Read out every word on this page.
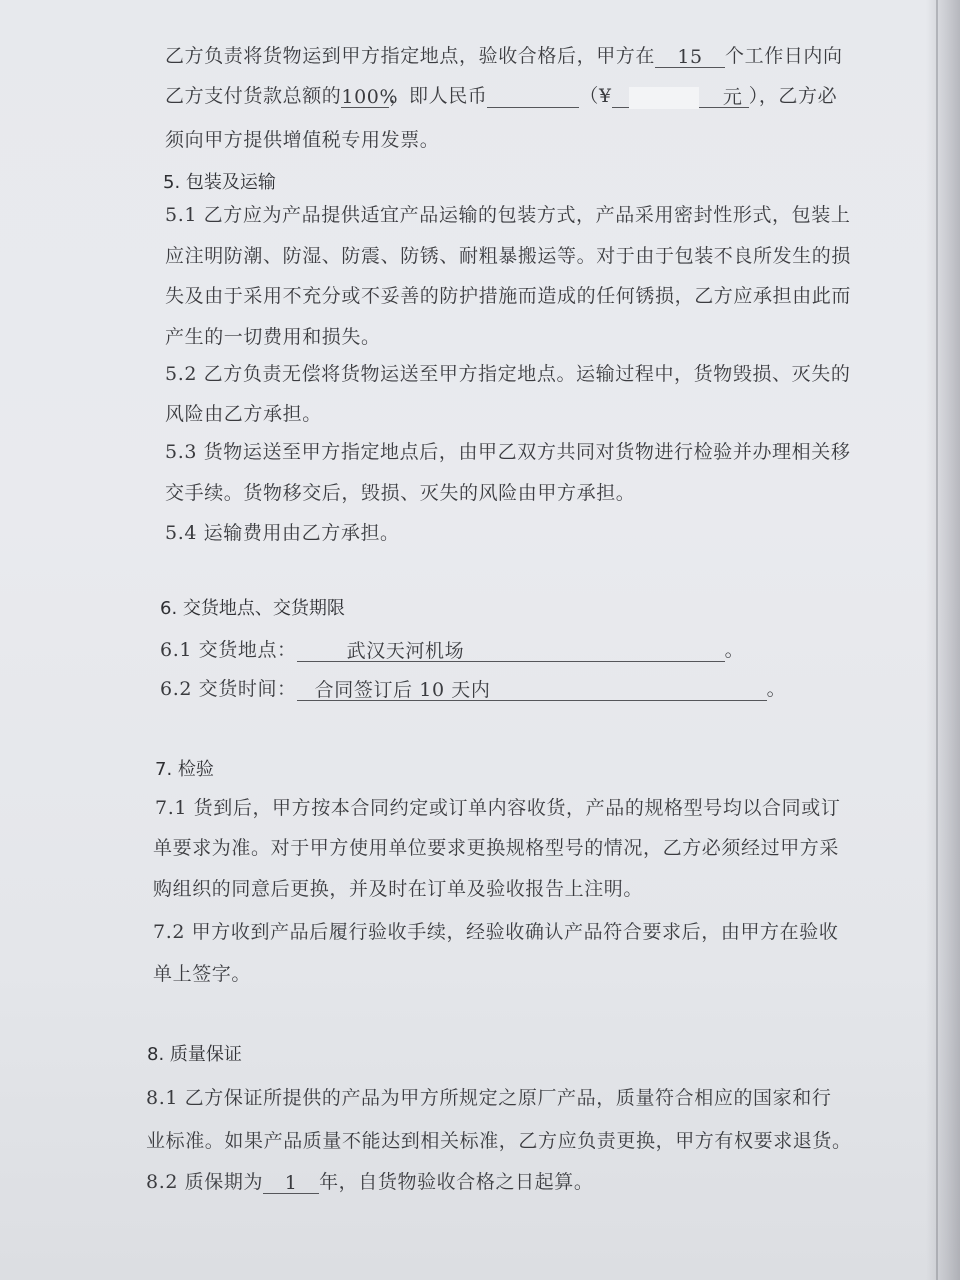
乙方负责将货物运到甲方指定地点，验收合格后，甲方在 15 个工作日内向
乙方支付货款总额的100%，即人民币	（¥	元 ），乙方必
须向甲方提供增值税专用发票。
5. 包装及运输
5.1 乙方应为产品提供适宜产品运输的包装方式，产品采用密封性形式，包装上
应注明防潮、防湿、防震、防锈、耐粗暴搬运等。对于由于包装不良所发生的损
失及由于采用不充分或不妥善的防护措施而造成的任何锈损，乙方应承担由此而
产生的一切费用和损失。
5.2 乙方负责无偿将货物运送至甲方指定地点。运输过程中，货物毁损、灭失的
风险由乙方承担。
5.3 货物运送至甲方指定地点后，由甲乙双方共同对货物进行检验并办理相关移
交手续。货物移交后，毁损、灭失的风险由甲方承担。
5.4 运输费用由乙方承担。
6. 交货地点、交货期限
6.1 交货地点：	武汉天河机场	。
6.2 交货时间： 合同签订后 10 天内	。
7. 检验
7.1 货到后，甲方按本合同约定或订单内容收货，产品的规格型号均以合同或订
单要求为准。对于甲方使用单位要求更换规格型号的情况，乙方必须经过甲方采
购组织的同意后更换，并及时在订单及验收报告上注明。
7.2 甲方收到产品后履行验收手续，经验收确认产品符合要求后，由甲方在验收
单上签字。
8. 质量保证
8.1 乙方保证所提供的产品为甲方所规定之原厂产品，质量符合相应的国家和行
业标准。如果产品质量不能达到相关标准，乙方应负责更换，甲方有权要求退货。
8.2 质保期为 1 年，自货物验收合格之日起算。
